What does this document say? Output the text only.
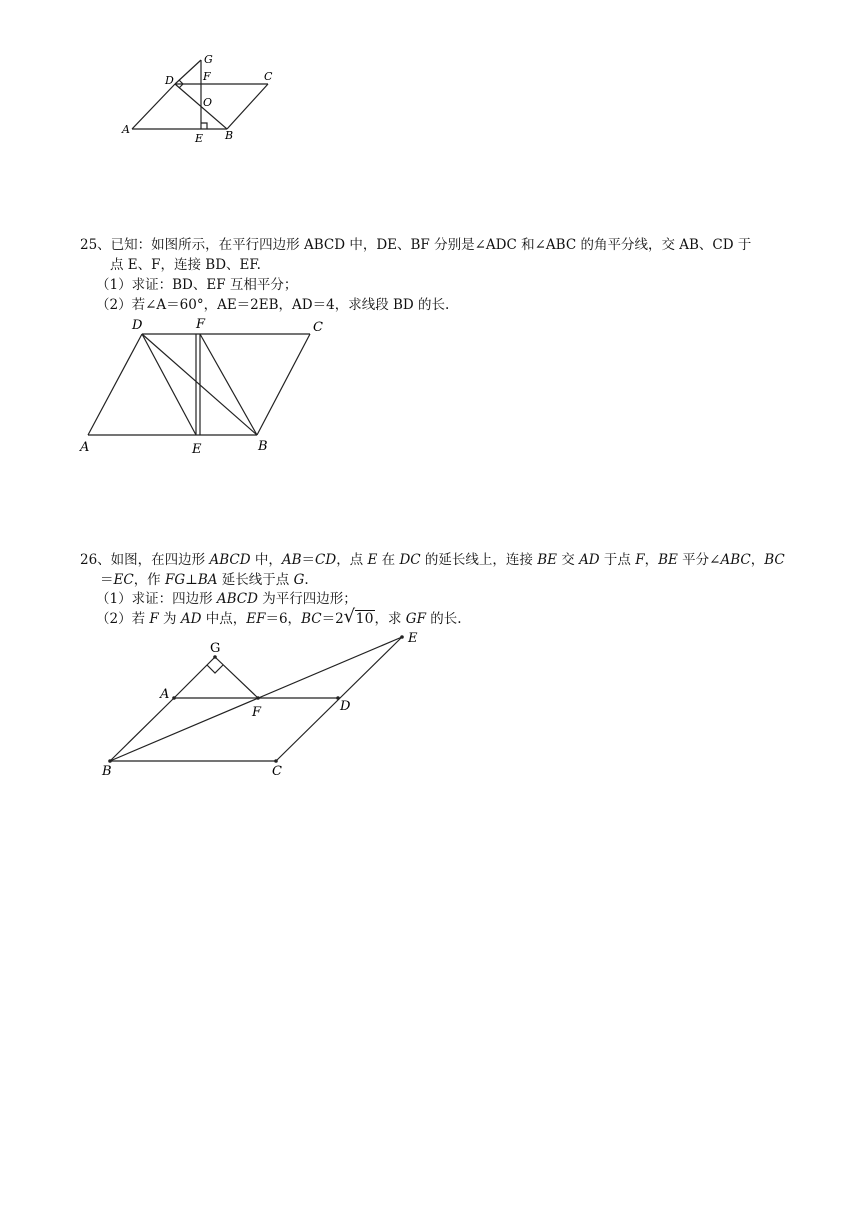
G
D	F	C
O
A
E B
25、已知：如图所示，在平行四边形 ABCD 中，DE、BF 分别是∠ADC 和∠ABC 的角平分线，交 AB、CD 于
点 E、F，连接 BD、EF.
（1）求证：BD、EF 互相平分；
（2）若∠A＝60°，AE＝2EB，AD＝4，求线段 BD 的长.
D	F	C
A	E	B
26、如图，在四边形 ABCD 中，AB＝CD，点 E 在 DC 的延长线上，连接 BE 交 AD 于点 F，BE 平分∠ABC，BC
＝EC，作 FG⊥BA 延长线于点 G.
（1）求证：四边形 ABCD 为平行四边形；
（2）若 F 为 AD 中点，EF＝6，BC＝2 √ 10，求 GF 的长.
G
A
F	D
E
B	C
